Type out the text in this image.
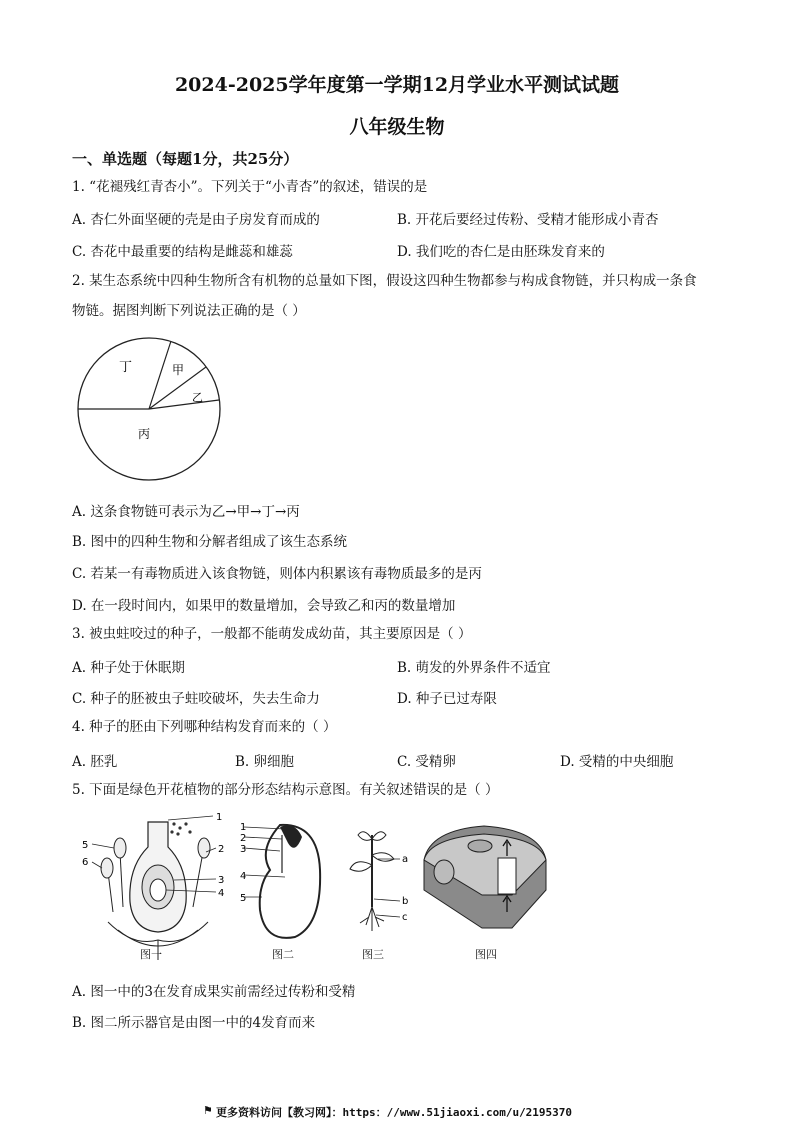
2024-2025学年度第一学期12月学业水平测试试题
八年级生物
一、单选题（每题1分，共25分）
1. “花褪残红青杏小”。下列关于“小青杏”的叙述，错误的是
A. 杏仁外面坚硬的壳是由子房发育而成的	B. 开花后要经过传粉、受精才能形成小青杏
C. 杏花中最重要的结构是雌蕊和雄蕊	D. 我们吃的杏仁是由胚珠发育来的
2. 某生态系统中四种生物所含有机物的总量如下图，假设这四种生物都参与构成食物链，并只构成一条食
物链。据图判断下列说法正确的是（ ）
丁	甲
乙
丙
A. 这条食物链可表示为乙→甲→丁→丙
B. 图中的四种生物和分解者组成了该生态系统
C. 若某一有毒物质进入该食物链，则体内积累该有毒物质最多的是丙
D. 在一段时间内，如果甲的数量增加，会导致乙和丙的数量增加
3. 被虫蛀咬过的种子，一般都不能萌发成幼苗，其主要原因是（ ）
A. 种子处于休眠期	B. 萌发的外界条件不适宜
C. 种子的胚被虫子蛀咬破坏，失去生命力	D. 种子已过寿限
4. 种子的胚由下列哪种结构发育而来的（ ）
A. 胚乳	B. 卵细胞	C. 受精卵	D. 受精的中央细胞
5. 下面是绿色开花植物的部分形态结构示意图。有关叙述错误的是（ ）
1
2
3
4
5
6
图一
1
2
3
4
5
图二
a
b
c
图三	图四
A. 图一中的3在发育成果实前需经过传粉和受精
B. 图二所示器官是由图一中的4发育而来
⚑ 更多资料访问【教习网】：https：//www.51jiaoxi.com/u/2195370
